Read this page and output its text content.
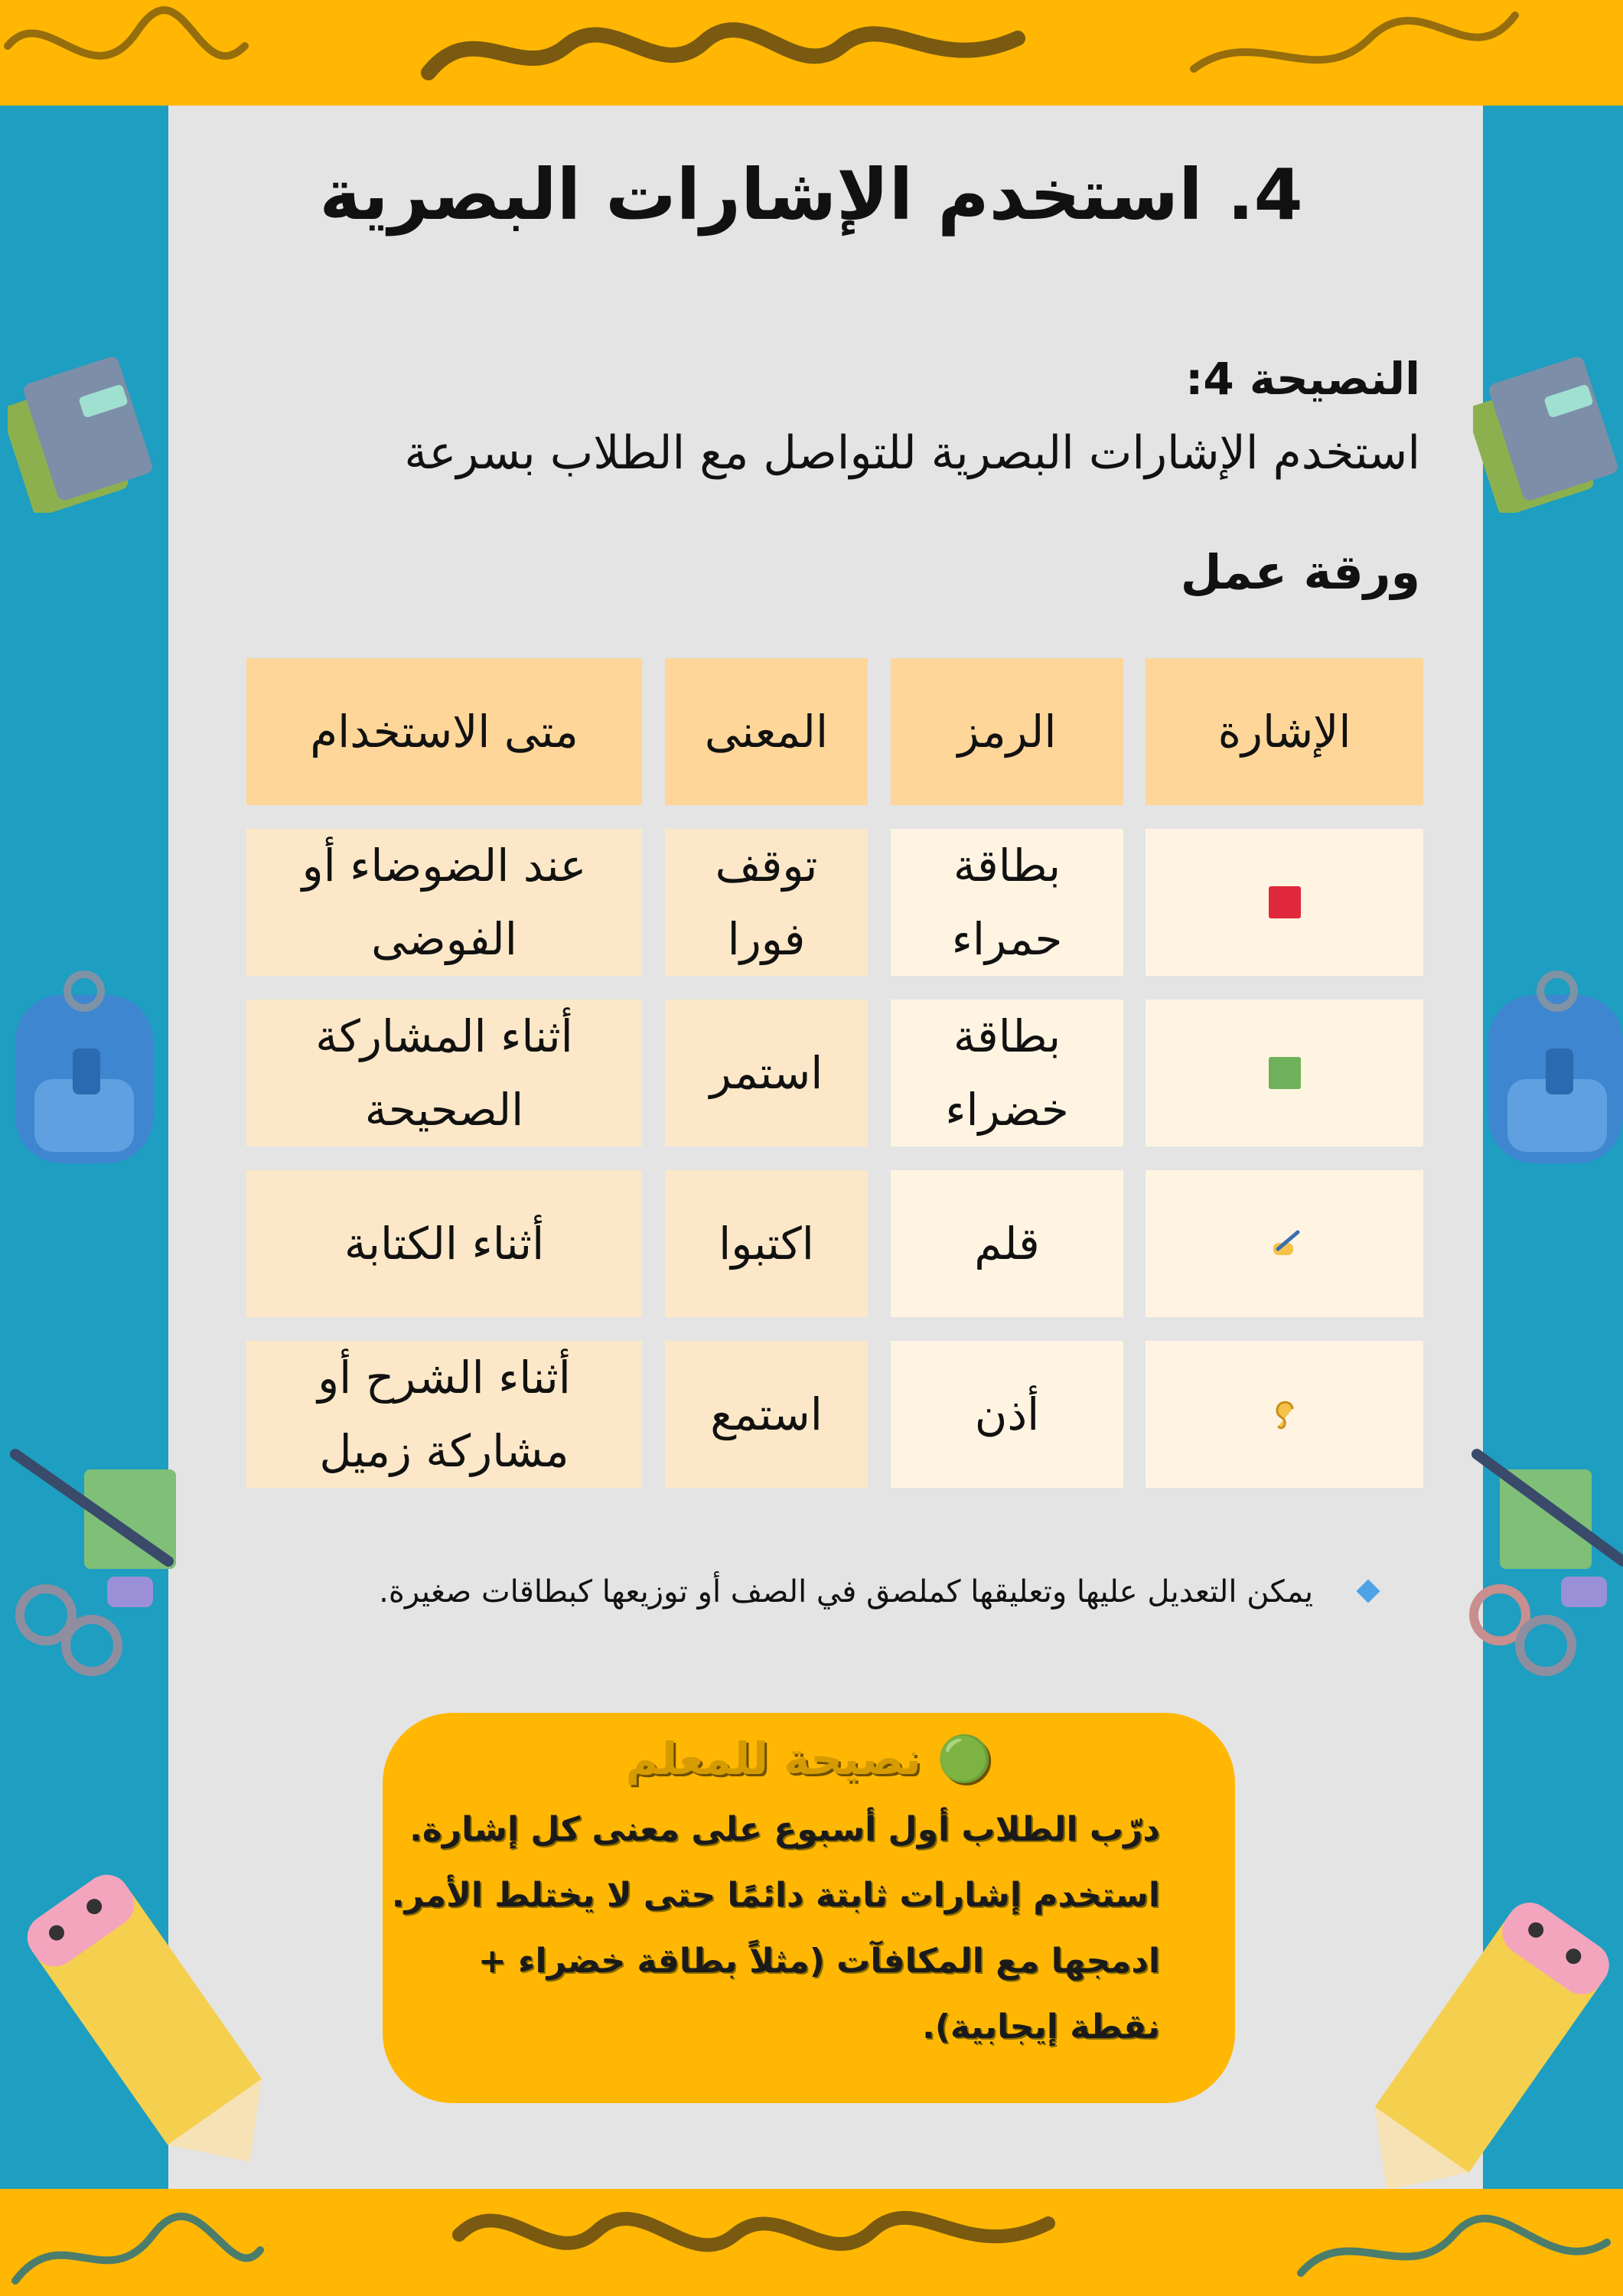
4. استخدم الإشارات البصرية
النصيحة 4:
استخدم الإشارات البصرية للتواصل مع الطلاب بسرعة
ورقة عمل
الإشارة
الرمز
المعنى
متى الاستخدام
بطاقة حمراء
توقف فورا
عند الضوضاء أو الفوضى
بطاقة خضراء
استمر
أثناء المشاركة الصحيحة
قلم
اكتبوا
أثناء الكتابة
أذن
استمع
أثناء الشرح أو مشاركة زميل
يمكن التعديل عليها وتعليقها كملصق في الصف أو توزيعها كبطاقات صغيرة.
🟢 نصيحة للمعلم
درّب الطلاب أول أسبوع على معنى كل إشارة.
استخدم إشارات ثابتة دائمًا حتى لا يختلط الأمر.
ادمجها مع المكافآت (مثلاً بطاقة خضراء +
نقطة إيجابية).
